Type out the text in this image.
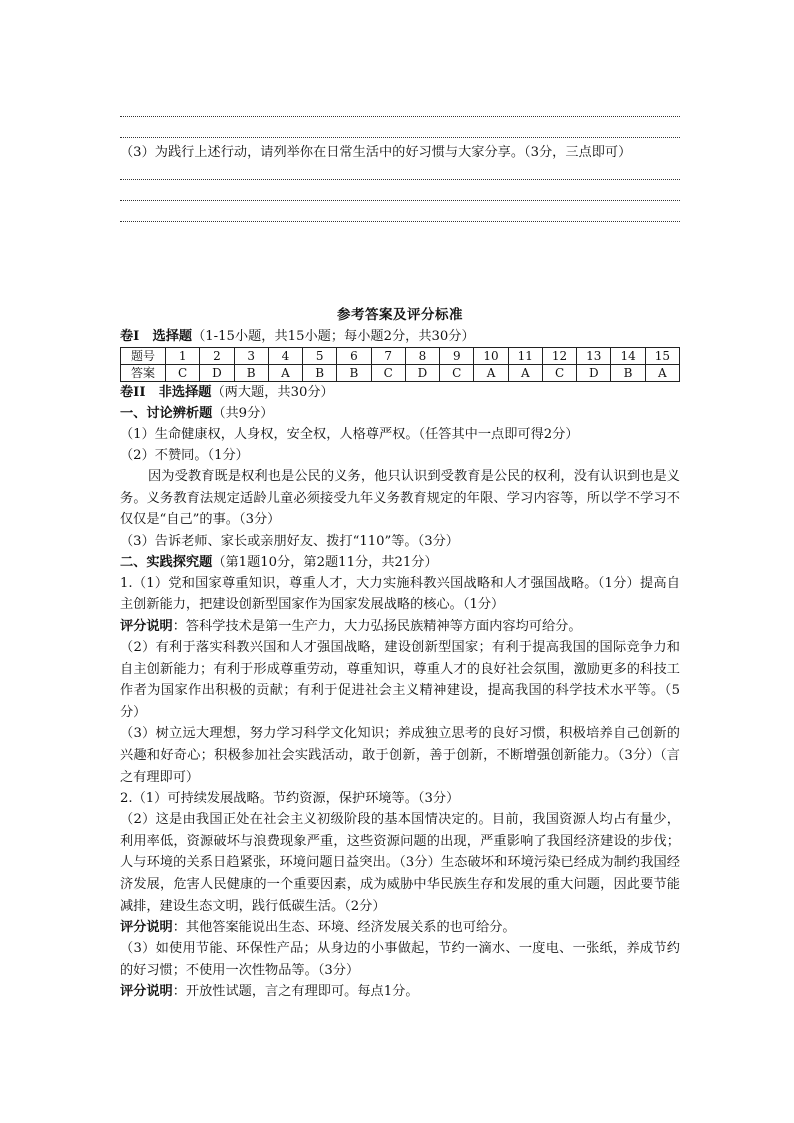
（3）为践行上述行动，请列举你在日常生活中的好习惯与大家分享。（3分，三点即可）

参考答案及评分标准

卷I　选择题（1-15小题，共15小题；每小题2分，共30分）

题号	1	2	3	4	5	6	7	8	9	10	11	12	13	14	15
答案	C	D	B	A	B	B	C	D	C	A	A	C	D	B	A

卷II　非选择题（两大题，共30分）

一、讨论辨析题（共9分）

（1）生命健康权，人身权，安全权，人格尊严权。（任答其中一点即可得2分）

（2）不赞同。（1分）

因为受教育既是权利也是公民的义务，他只认识到受教育是公民的权利，没有认识到也是义务。义务教育法规定适龄儿童必须接受九年义务教育规定的年限、学习内容等，所以学不学习不仅仅是“自己”的事。（3分）

（3）告诉老师、家长或亲朋好友、拨打“110”等。（3分）

二、实践探究题（第1题10分，第2题11分，共21分）

1.（1）党和国家尊重知识，尊重人才，大力实施科教兴国战略和人才强国战略。（1分）提高自主创新能力，把建设创新型国家作为国家发展战略的核心。（1分）

评分说明：答科学技术是第一生产力，大力弘扬民族精神等方面内容均可给分。

（2）有利于落实科教兴国和人才强国战略，建设创新型国家；有利于提高我国的国际竞争力和自主创新能力；有利于形成尊重劳动，尊重知识，尊重人才的良好社会氛围，激励更多的科技工作者为国家作出积极的贡献；有利于促进社会主义精神建设，提高我国的科学技术水平等。（5分）

（3）树立远大理想，努力学习科学文化知识；养成独立思考的良好习惯，积极培养自己创新的兴趣和好奇心；积极参加社会实践活动，敢于创新，善于创新，不断增强创新能力。（3分）（言之有理即可）

2.（1）可持续发展战略。节约资源，保护环境等。（3分）

（2）这是由我国正处在社会主义初级阶段的基本国情决定的。目前，我国资源人均占有量少，利用率低，资源破坏与浪费现象严重，这些资源问题的出现，严重影响了我国经济建设的步伐；人与环境的关系日趋紧张，环境问题日益突出。（3分）生态破坏和环境污染已经成为制约我国经济发展，危害人民健康的一个重要因素，成为威胁中华民族生存和发展的重大问题，因此要节能减排，建设生态文明，践行低碳生活。（2分）

评分说明：其他答案能说出生态、环境、经济发展关系的也可给分。

（3）如使用节能、环保性产品；从身边的小事做起，节约一滴水、一度电、一张纸，养成节约的好习惯；不使用一次性物品等。（3分）

评分说明：开放性试题，言之有理即可。每点1分。
